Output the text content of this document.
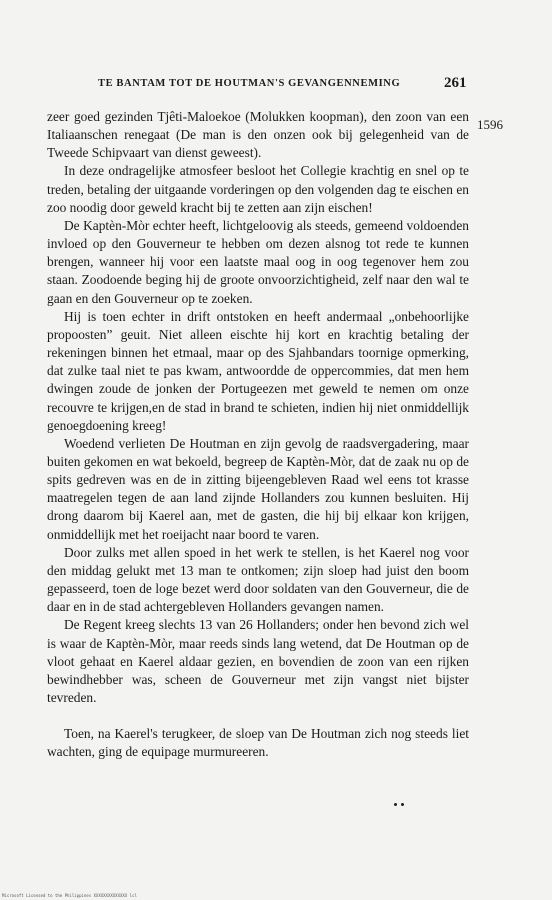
TE BANTAM TOT DE HOUTMAN'S GEVANGENNEMING	261
1596

zeer goed gezinden Tjêti-Maloekoe (Molukken koopman), den zoon van een Italiaanschen renegaat (De man is den onzen ook bij gelegenheid van de Tweede Schipvaart van dienst geweest).

In deze ondragelijke atmosfeer besloot het Collegie krachtig en snel op te treden, betaling der uitgaande vorderingen op den volgenden dag te eischen en zoo noodig door geweld kracht bij te zetten aan zijn eischen!

De Kaptèn-Mòr echter heeft, lichtgeloovig als steeds, gemeend voldoenden invloed op den Gouverneur te hebben om dezen alsnog tot rede te kunnen brengen, wanneer hij voor een laatste maal oog in oog tegenover hem zou staan. Zoodoende beging hij de groote onvoorzichtigheid, zelf naar den wal te gaan en den Gouverneur op te zoeken.

Hij is toen echter in drift ontstoken en heeft andermaal „onbehoorlijke propoosten” geuit. Niet alleen eischte hij kort en krachtig betaling der rekeningen binnen het etmaal, maar op des Sjahbandars toornige opmerking, dat zulke taal niet te pas kwam, antwoordde de oppercommies, dat men hem dwingen zoude de jonken der Portugeezen met geweld te nemen om onze recouvre te krijgen,en de stad in brand te schieten, indien hij niet onmiddellijk genoegdoening kreeg!

Woedend verlieten De Houtman en zijn gevolg de raadsvergadering, maar buiten gekomen en wat bekoeld, begreep de Kaptèn-Mòr, dat de zaak nu op de spits gedreven was en de in zitting bijeengebleven Raad wel eens tot krasse maatregelen tegen de aan land zijnde Hollanders zou kunnen besluiten. Hij drong daarom bij Kaerel aan, met de gasten, die hij bij elkaar kon krijgen, onmiddellijk met het roeijacht naar boord te varen.

Door zulks met allen spoed in het werk te stellen, is het Kaerel nog voor den middag gelukt met 13 man te ontkomen; zijn sloep had juist den boom gepasseerd, toen de loge bezet werd door soldaten van den Gouverneur, die de daar en in de stad achtergebleven Hollanders gevangen namen.

De Regent kreeg slechts 13 van 26 Hollanders; onder hen bevond zich wel is waar de Kaptèn-Mòr, maar reeds sinds lang wetend, dat De Houtman op de vloot gehaat en Kaerel aldaar gezien, en bovendien de zoon van een rijken bewindhebber was, scheen de Gouverneur met zijn vangst niet bijster tevreden.

Toen, na Kaerel's terugkeer, de sloep van De Houtman zich nog steeds liet wachten, ging de equipage murmureeren.

Microsoft Licensed to the Philippines XXXXXXXXXXXXXX lcl
